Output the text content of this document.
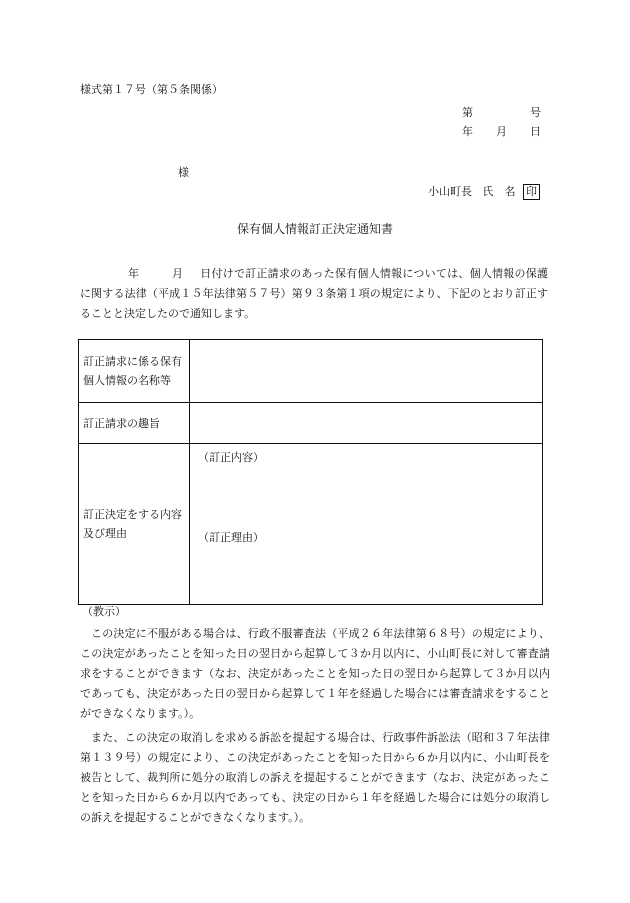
様式第１７号（第５条関係）
第	号
年 月 日
様
小山町長 氏　名 印
保有個人情報訂正決定通知書
年	月 日付けで訂正請求のあった保有個人情報については、個人情報の保護に関する法律（平成１５年法律第５７号）第９３条第１項の規定により、下記のとおり訂正することと決定したので通知します。
訂正請求に係る保有個人情報の名称等	
訂正請求の趣旨	
訂正決定をする内容及び理由	（訂正内容）
（訂正理由）
（教示）
この決定に不服がある場合は、行政不服審査法（平成２６年法律第６８号）の規定により、この決定があったことを知った日の翌日から起算して３か月以内に、小山町長に対して審査請求をすることができます（なお、決定があったことを知った日の翌日から起算して３か月以内であっても、決定があった日の翌日から起算して１年を経過した場合には審査請求をすることができなくなります。）。
また、この決定の取消しを求める訴訟を提起する場合は、行政事件訴訟法（昭和３７年法律第１３９号）の規定により、この決定があったことを知った日から６か月以内に、小山町長を被告として、裁判所に処分の取消しの訴えを提起することができます（なお、決定があったことを知った日から６か月以内であっても、決定の日から１年を経過した場合には処分の取消しの訴えを提起することができなくなります。）。
